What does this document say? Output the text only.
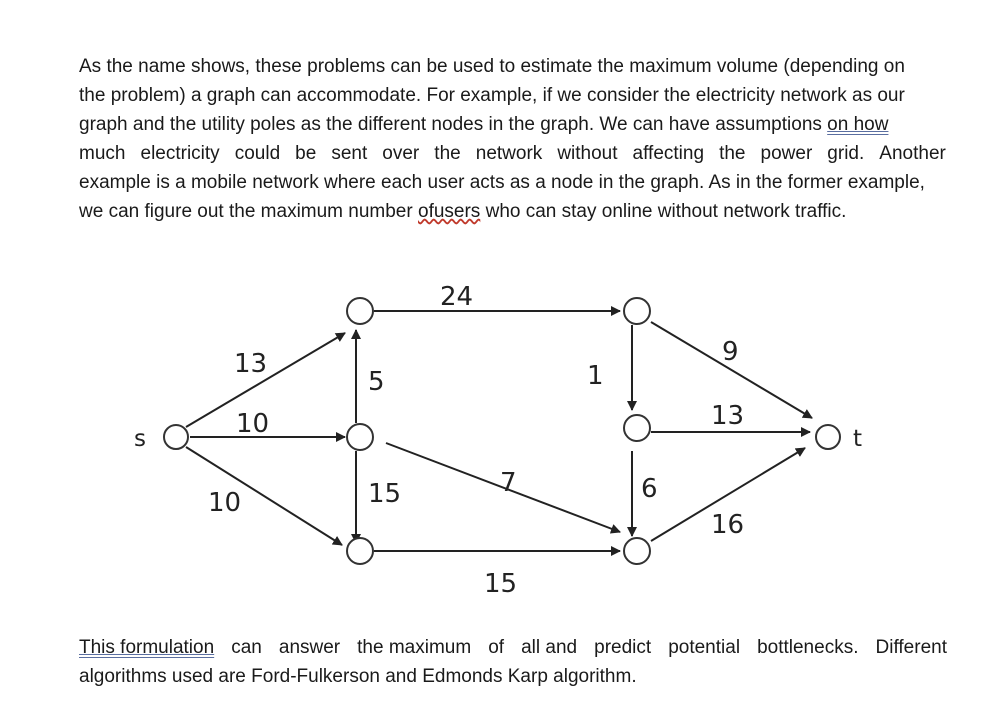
As the name shows, these problems can be used to estimate the maximum volume (depending on
the problem) a graph can accommodate. For example, if we consider the electricity network as our
graph and the utility poles as the different nodes in the graph. We can have assumptions on how
much electricity could be sent over the network without affecting the power grid. Another
example is a mobile network where each user acts as a node in the graph. As in the former example,
we can figure out the maximum number ofusers who can stay online without network traffic.
s	t
13
10
10
5
15
24
7
15
1
6
9
13
16
This formulation can answer the maximum of all and predict potential bottlenecks. Different
algorithms used are Ford-Fulkerson and Edmonds Karp algorithm.
